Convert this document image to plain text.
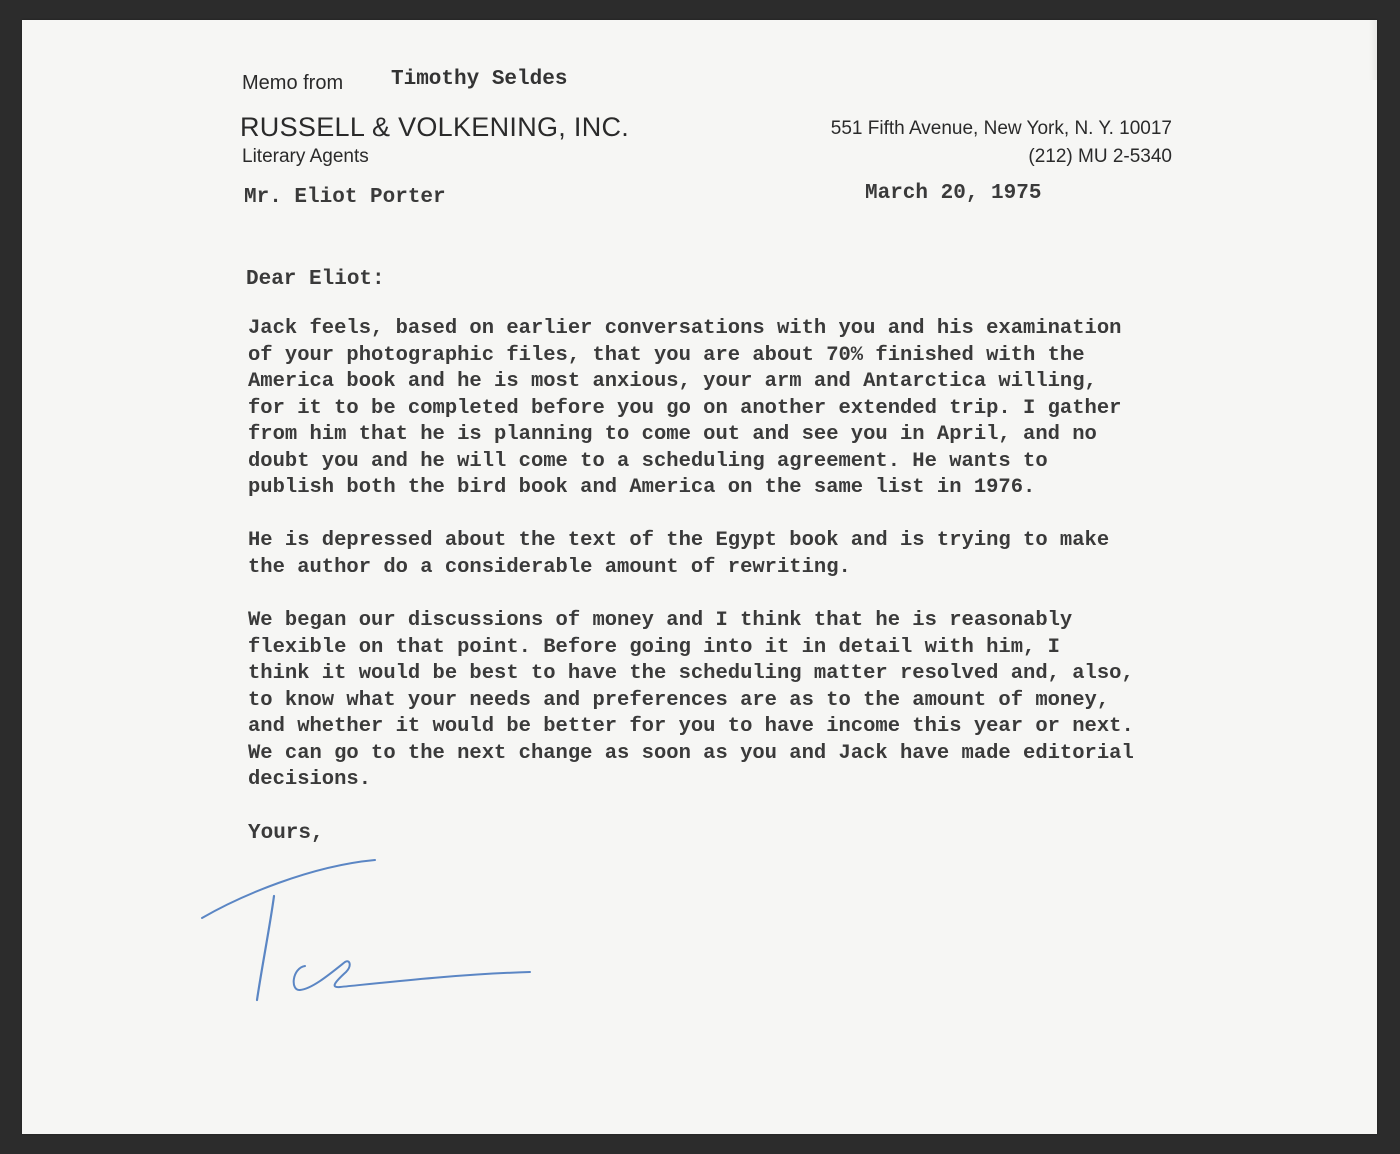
Memo from Timothy Seldes
RUSSELL & VOLKENING, INC.
Literary Agents
551 Fifth Avenue, New York, N. Y. 10017
(212) MU 2-5340
Mr. Eliot Porter	March 20, 1975
Dear Eliot:
Jack feels, based on earlier conversations with you and his examination
of your photographic files, that you are about 70% finished with the
America book and he is most anxious, your arm and Antarctica willing,
for it to be completed before you go on another extended trip. I gather
from him that he is planning to come out and see you in April, and no
doubt you and he will come to a scheduling agreement. He wants to
publish both the bird book and America on the same list in 1976.
He is depressed about the text of the Egypt book and is trying to make
the author do a considerable amount of rewriting.
We began our discussions of money and I think that he is reasonably
flexible on that point. Before going into it in detail with him, I
think it would be best to have the scheduling matter resolved and, also,
to know what your needs and preferences are as to the amount of money,
and whether it would be better for you to have income this year or next.
We can go to the next change as soon as you and Jack have made editorial
decisions.
Yours,
